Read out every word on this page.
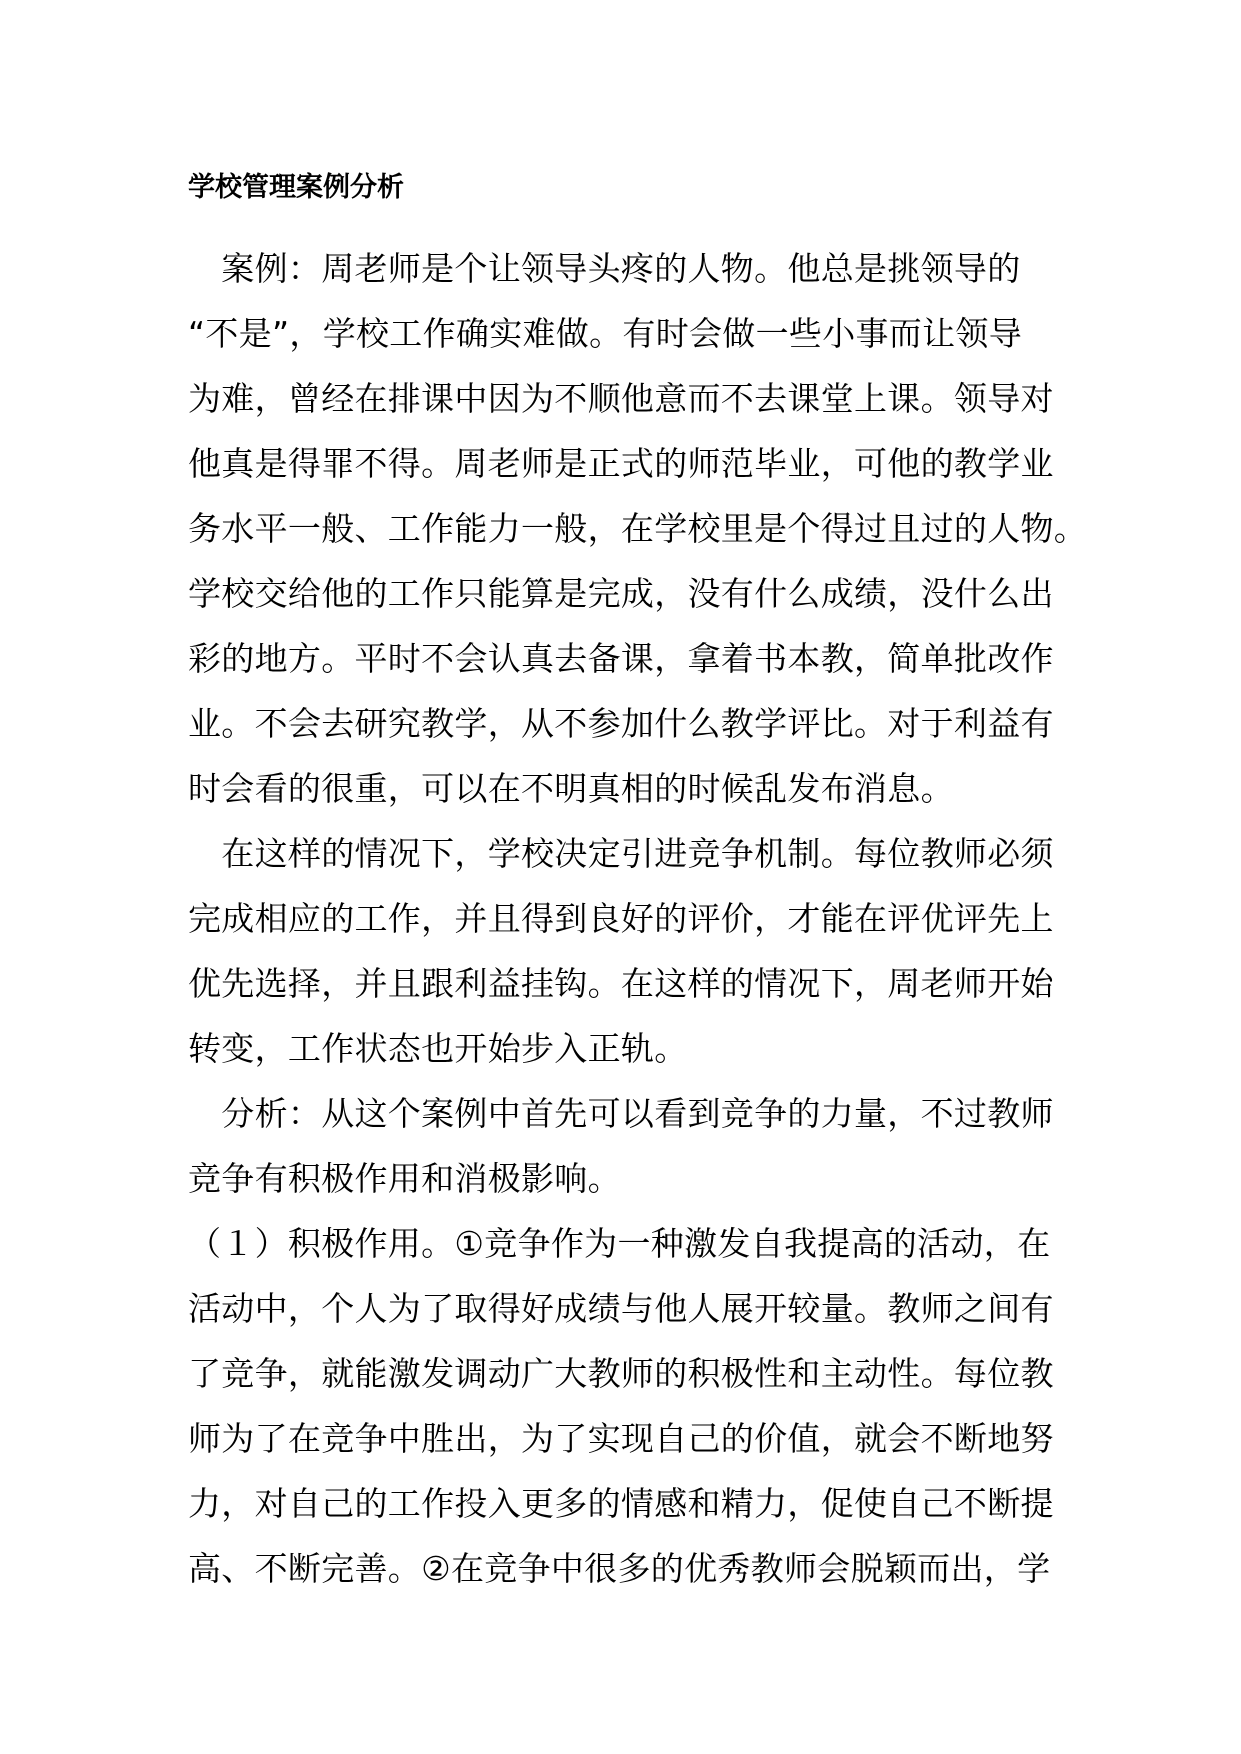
学校管理案例分析
　案例：周老师是个让领导头疼的人物。他总是挑领导的
“不是”，学校工作确实难做。有时会做一些小事而让领导
为难，曾经在排课中因为不顺他意而不去课堂上课。领导对
他真是得罪不得。周老师是正式的师范毕业，可他的教学业
务水平一般、工作能力一般，在学校里是个得过且过的人物。
学校交给他的工作只能算是完成，没有什么成绩，没什么出
彩的地方。平时不会认真去备课，拿着书本教，简单批改作
业。不会去研究教学，从不参加什么教学评比。对于利益有
时会看的很重，可以在不明真相的时候乱发布消息。
　在这样的情况下，学校决定引进竞争机制。每位教师必须
完成相应的工作，并且得到良好的评价，才能在评优评先上
优先选择，并且跟利益挂钩。在这样的情况下，周老师开始
转变，工作状态也开始步入正轨。
　分析：从这个案例中首先可以看到竞争的力量，不过教师
竞争有积极作用和消极影响。
（１）积极作用。①竞争作为一种激发自我提高的活动，在
活动中，个人为了取得好成绩与他人展开较量。教师之间有
了竞争，就能激发调动广大教师的积极性和主动性。每位教
师为了在竞争中胜出，为了实现自己的价值，就会不断地努
力，对自己的工作投入更多的情感和精力，促使自己不断提
高、不断完善。②在竞争中很多的优秀教师会脱颖而出，学
